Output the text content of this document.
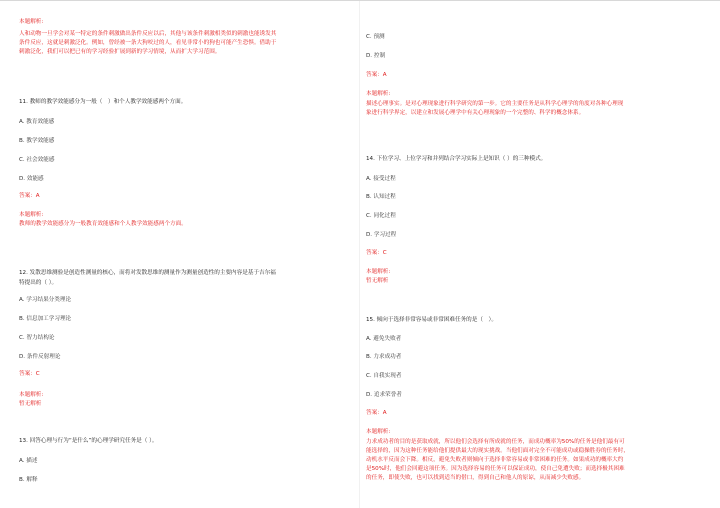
本题解析:
人和动物一旦学会对某一特定的条件刺激做出条件反应以后，其他与该条件刺激相类似的刺激也能诱发其
条件反应，这就是刺激泛化。例如，曾经被一条大狗咬过的人，看见非常小的狗也可能产生恐惧。借助于
刺激泛化，我们可以把已有的学习经验扩展到新的学习情境，从而扩大学习范围。
11. 教师的教学效能感分为一般（　）和个人教学效能感两个方面。
A. 教育效能感
B. 教学效能感
C. 社会效能感
D. 效能感
答案：A
本题解析:
教师的教学效能感分为一般教育效能感和个人教学效能感两个方面。
12. 发散思维测验是创造性测量的核心，而将对发散思维的测量作为测量创造性的主要内容是基于吉尔福
特提出的（ ）。
A. 学习结果分类理论
B. 信息加工学习理论
C. 智力结构论
D. 条件反射理论
答案：C
本题解析:
暂无解析
13. 回答心理与行为“是什么”的心理学研究任务是（ ）。
A. 描述
B. 解释
C. 预测
D. 控制
答案：A
本题解析:
描述心理事实。是对心理现象进行科学研究的第一步。它的主要任务是从科学心理学的角度对各种心理现
象进行科学界定，以建立和发展心理学中有关心理现象的一个完整的、科学的概念体系。
14. 下位学习、上位学习和并列结合学习实际上是知识（ ）的三种模式。
A. 接受过程
B. 认知过程
C. 同化过程
D. 学习过程
答案：C
本题解析:
暂无解析
15. 倾向于选择非常容易或非常困难任务的是（　）。
A. 避免失败者
B. 力求成功者
C. 自我实现者
D. 追求荣誉者
答案：A
本题解析:
力求成功者的目的是获取成就，所以他们会选择有所成就的任务，而成功概率为50%的任务是他们最有可
能选择的，因为这种任务能给他们提供最大的现实挑战。当他们面对完全不可能成功或稳操胜券的任务时，
动机水平反而会下降。相反，避免失败者则倾向于选择非常容易或非常困难的任务。如果成功的概率大约
是50%时，他们会回避这项任务。因为选择容易的任务可以保证成功，使自己免遭失败；而选择极其困难
的任务，即使失败，也可以找到适当的借口，得到自己和他人的原谅，从而减少失败感。
